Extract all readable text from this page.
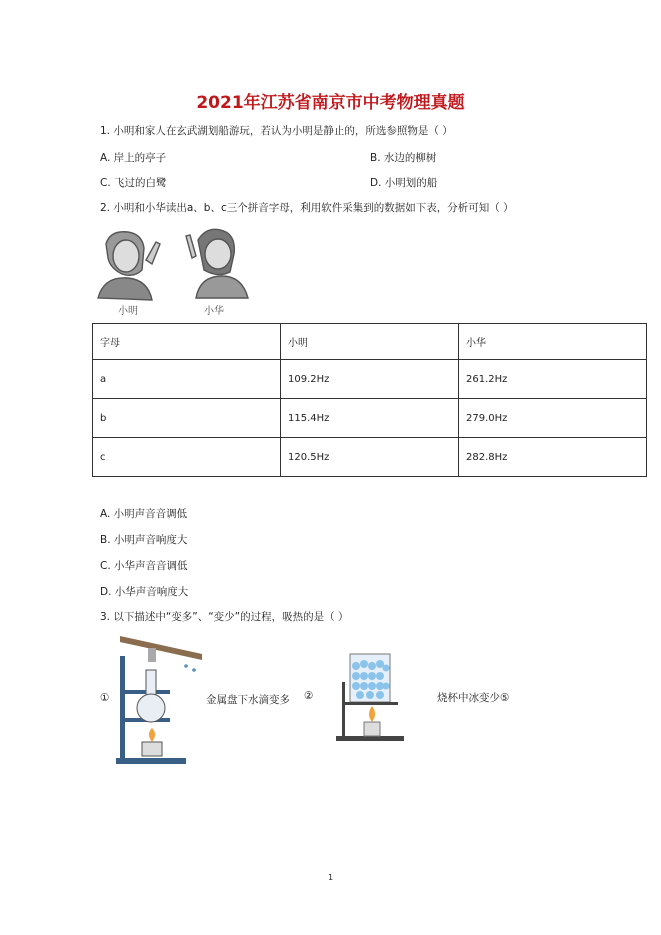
2021年江苏省南京市中考物理真题
1. 小明和家人在玄武湖划船游玩，若认为小明是静止的，所选参照物是（ ）
A. 岸上的亭子	B. 水边的柳树
C. 飞过的白鹭	D. 小明划的船
2. 小明和小华读出a、b、c三个拼音字母，利用软件采集到的数据如下表，分析可知（ ）
小明	小华
字母	小明	小华
a	109.2Hz	261.2Hz
b	115.4Hz	279.0Hz
c	120.5Hz	282.8Hz
A. 小明声音音调低
B. 小明声音响度大
C. 小华声音音调低
D. 小华声音响度大
3. 以下描述中“变多”、“变少”的过程，吸热的是（ ）
①	金属盘下水滴变多 ②	烧杯中冰变少⑤
1
